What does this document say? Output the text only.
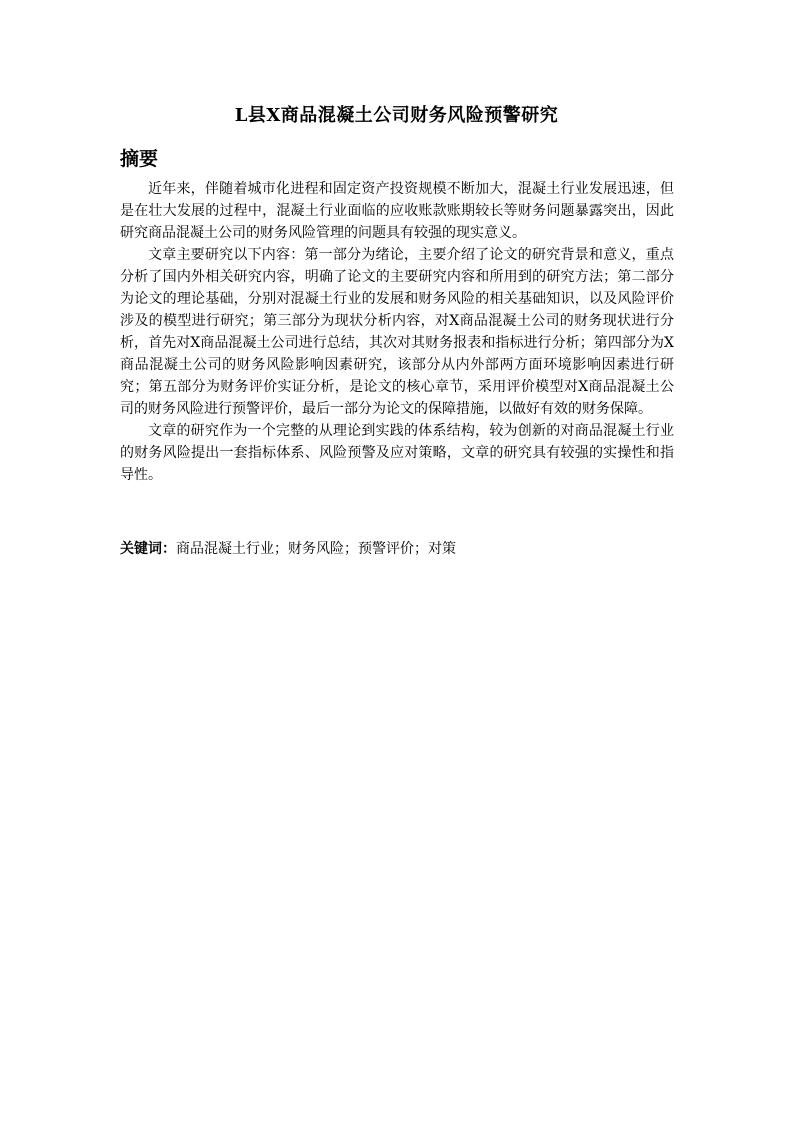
L县X商品混凝土公司财务风险预警研究
摘要

近年来，伴随着城市化进程和固定资产投资规模不断加大，混凝土行业发展迅速，但是在壮大发展的过程中，混凝土行业面临的应收账款账期较长等财务问题暴露突出，因此研究商品混凝土公司的财务风险管理的问题具有较强的现实意义。

文章主要研究以下内容：第一部分为绪论，主要介绍了论文的研究背景和意义，重点分析了国内外相关研究内容，明确了论文的主要研究内容和所用到的研究方法；第二部分为论文的理论基础，分别对混凝土行业的发展和财务风险的相关基础知识，以及风险评价涉及的模型进行研究；第三部分为现状分析内容，对X商品混凝土公司的财务现状进行分析，首先对X商品混凝土公司进行总结，其次对其财务报表和指标进行分析；第四部分为X商品混凝土公司的财务风险影响因素研究，该部分从内外部两方面环境影响因素进行研究；第五部分为财务评价实证分析，是论文的核心章节，采用评价模型对X商品混凝土公司的财务风险进行预警评价，最后一部分为论文的保障措施，以做好有效的财务保障。

文章的研究作为一个完整的从理论到实践的体系结构，较为创新的对商品混凝土行业的财务风险提出一套指标体系、风险预警及应对策略，文章的研究具有较强的实操性和指导性。

关键词：商品混凝土行业；财务风险；预警评价；对策
